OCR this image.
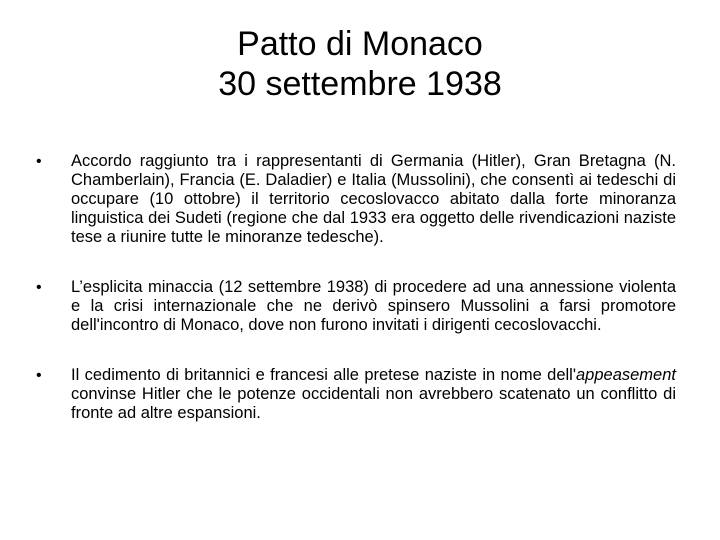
Patto di Monaco
30 settembre 1938
• Accordo raggiunto tra i rappresentanti di Germania (Hitler), Gran Bretagna (N. Chamberlain), Francia (E. Daladier) e Italia (Mussolini), che consentì ai tedeschi di occupare (10 ottobre) il territorio cecoslovacco abitato dalla forte minoranza linguistica dei Sudeti (regione che dal 1933 era oggetto delle rivendicazioni naziste tese a riunire tutte le minoranze tedesche).
• L’esplicita minaccia (12 settembre 1938) di procedere ad una annessione violenta e la crisi internazionale che ne derivò spinsero Mussolini a farsi promotore dell'incontro di Monaco, dove non furono invitati i dirigenti cecoslovacchi.
• Il cedimento di britannici e francesi alle pretese naziste in nome dell'appeasement convinse Hitler che le potenze occidentali non avrebbero scatenato un conflitto di fronte ad altre espansioni.
